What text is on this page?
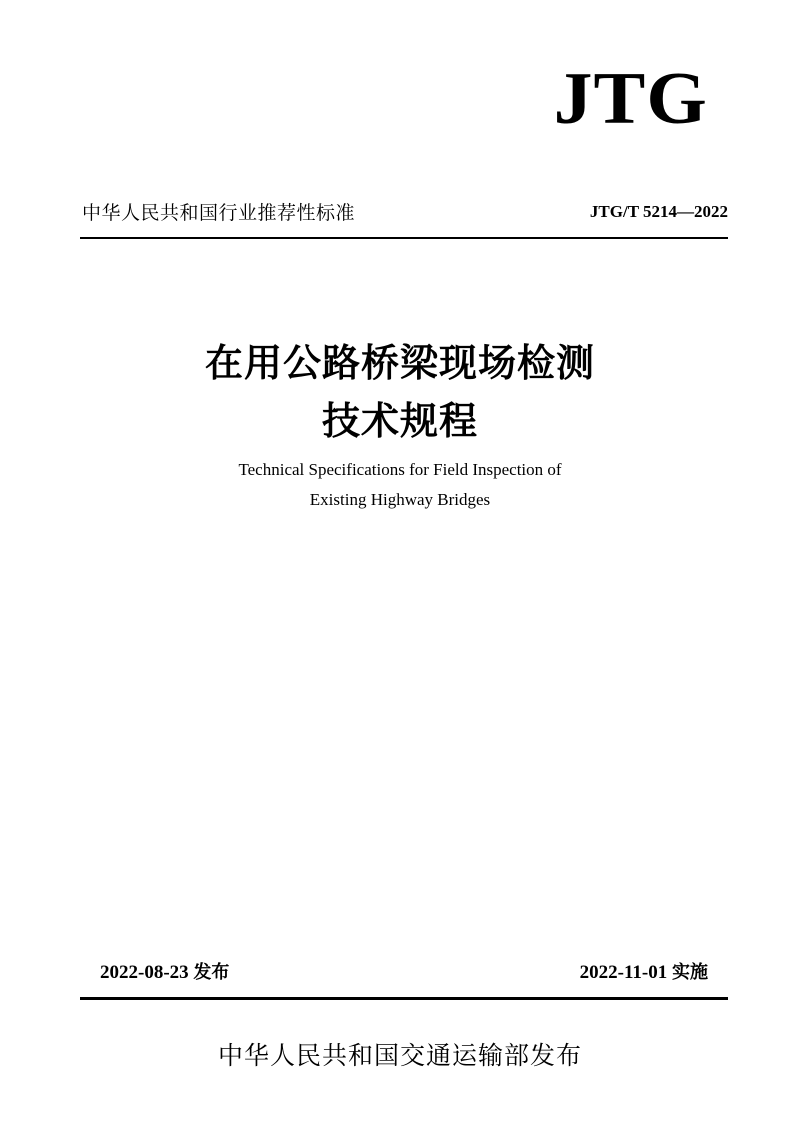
JTG
中华人民共和国行业推荐性标准	JTG/T 5214—2022
在用公路桥梁现场检测
技术规程
Technical Specifications for Field Inspection of
Existing Highway Bridges
2022-08-23 发布	2022-11-01 实施
中华人民共和国交通运输部发布
